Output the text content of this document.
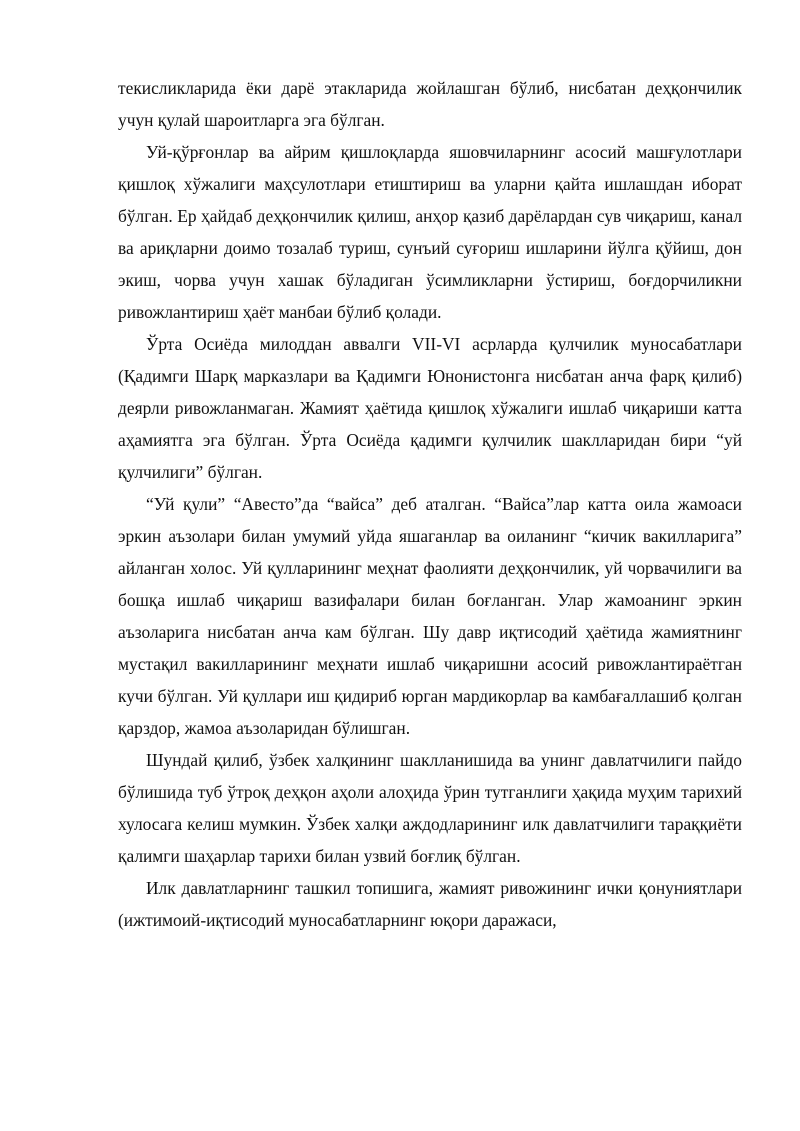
текисликларида ёки дарё этакларида жойлашган бўлиб, нисбатан деҳқончилик учун қулай шароитларга эга бўлган.

Уй-қўрғонлар ва айрим қишлоқларда яшовчиларнинг асосий машғулотлари қишлоқ хўжалиги маҳсулотлари етиштириш ва уларни қайта ишлашдан иборат бўлган. Ер ҳайдаб деҳқончилик қилиш, анҳор қазиб дарёлардан сув чиқариш, канал ва ариқларни доимо тозалаб туриш, сунъий суғориш ишларини йўлга қўйиш, дон экиш, чорва учун хашак бўладиган ўсимликларни ўстириш, боғдорчиликни ривожлантириш ҳаёт манбаи бўлиб қолади.

Ўрта Осиёда милоддан аввалги VII-VI асрларда қулчилик муносабатлари (Қадимги Шарқ марказлари ва Қадимги Юнонистонга нисбатан анча фарқ қилиб) деярли ривожланмаган. Жамият ҳаётида қишлоқ хўжалиги ишлаб чиқариши катта аҳамиятга эга бўлган. Ўрта Осиёда қадимги қулчилик шаклларидан бири “уй қулчилиги” бўлган.

“Уй қули” “Авесто”да “вайса” деб аталган. “Вайса”лар катта оила жамоаси эркин аъзолари билан умумий уйда яшаганлар ва оиланинг “кичик вакилларига” айланган холос. Уй қулларининг меҳнат фаолияти деҳқончилик, уй чорвачилиги ва бошқа ишлаб чиқариш вазифалари билан боғланган. Улар жамоанинг эркин аъзоларига нисбатан анча кам бўлган. Шу давр иқтисодий ҳаётида жамиятнинг мустақил вакилларининг меҳнати ишлаб чиқаришни асосий ривожлантираётган кучи бўлган. Уй қуллари иш қидириб юрган мардикорлар ва камбағаллашиб қолган қарздор, жамоа аъзоларидан бўлишган.

Шундай қилиб, ўзбек халқининг шаклланишида ва унинг давлатчилиги пайдо бўлишида туб ўтроқ деҳқон аҳоли алоҳида ўрин тутганлиги ҳақида муҳим тарихий хулосага келиш мумкин. Ўзбек халқи аждодларининг илк давлатчилиги тараққиёти қалимги шаҳарлар тарихи билан узвий боғлиқ бўлган.

Илк давлатларнинг ташкил топишига, жамият ривожининг ички қонуниятлари (ижтимоий-иқтисодий муносабатларнинг юқори даражаси,
